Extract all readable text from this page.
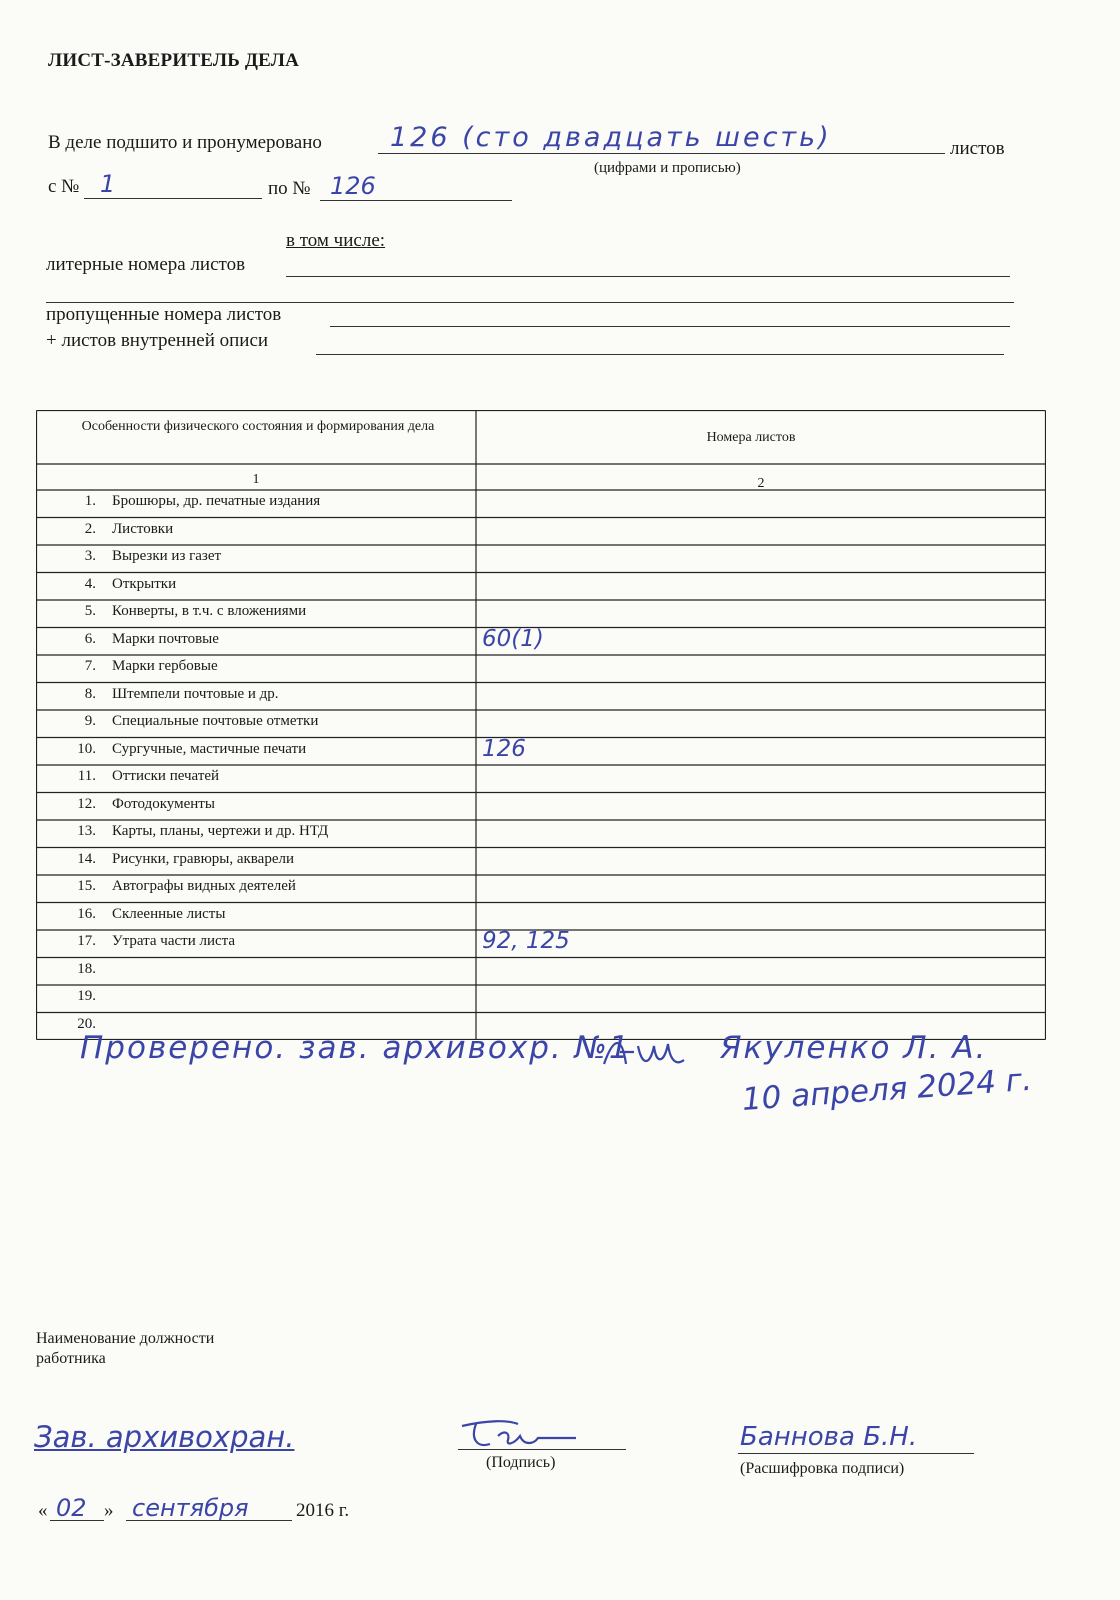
ЛИСТ-ЗАВЕРИТЕЛЬ ДЕЛА
В деле подшито и пронумеровано	126 (сто двадцать шесть)	листов
(цифрами и прописью)
с № 1	по № 126
в том числе:
литерные номера листов
пропущенные номера листов
+ листов внутренней описи
Особенности физического состояния и формирования дела
Номера листов
1	2
1. Брошюры, др. печатные издания
2. Листовки
3. Вырезки из газет
4. Открытки
5. Конверты, в т.ч. с вложениями
6. Марки почтовые	60(1)
7. Марки гербовые
8. Штемпели почтовые и др.
9. Специальные почтовые отметки
10. Сургучные, мастичные печати	126
11. Оттиски печатей
12. Фотодокументы
13. Карты, планы, чертежи и др. НТД
14. Рисунки, гравюры, акварели
15. Автографы видных деятелей
16. Склеенные листы
17. Утрата части листа	92, 125
18.
19.
20.
Проверено. зав. архивохр. №1	Якуленко Л. А.
10 апреля 2024 г.
Наименование должности
работника
Зав. архивохран.
(Подпись)
Баннова Б.Н.
(Расшифровка подписи)
« 02 » сентября 2016 г.
